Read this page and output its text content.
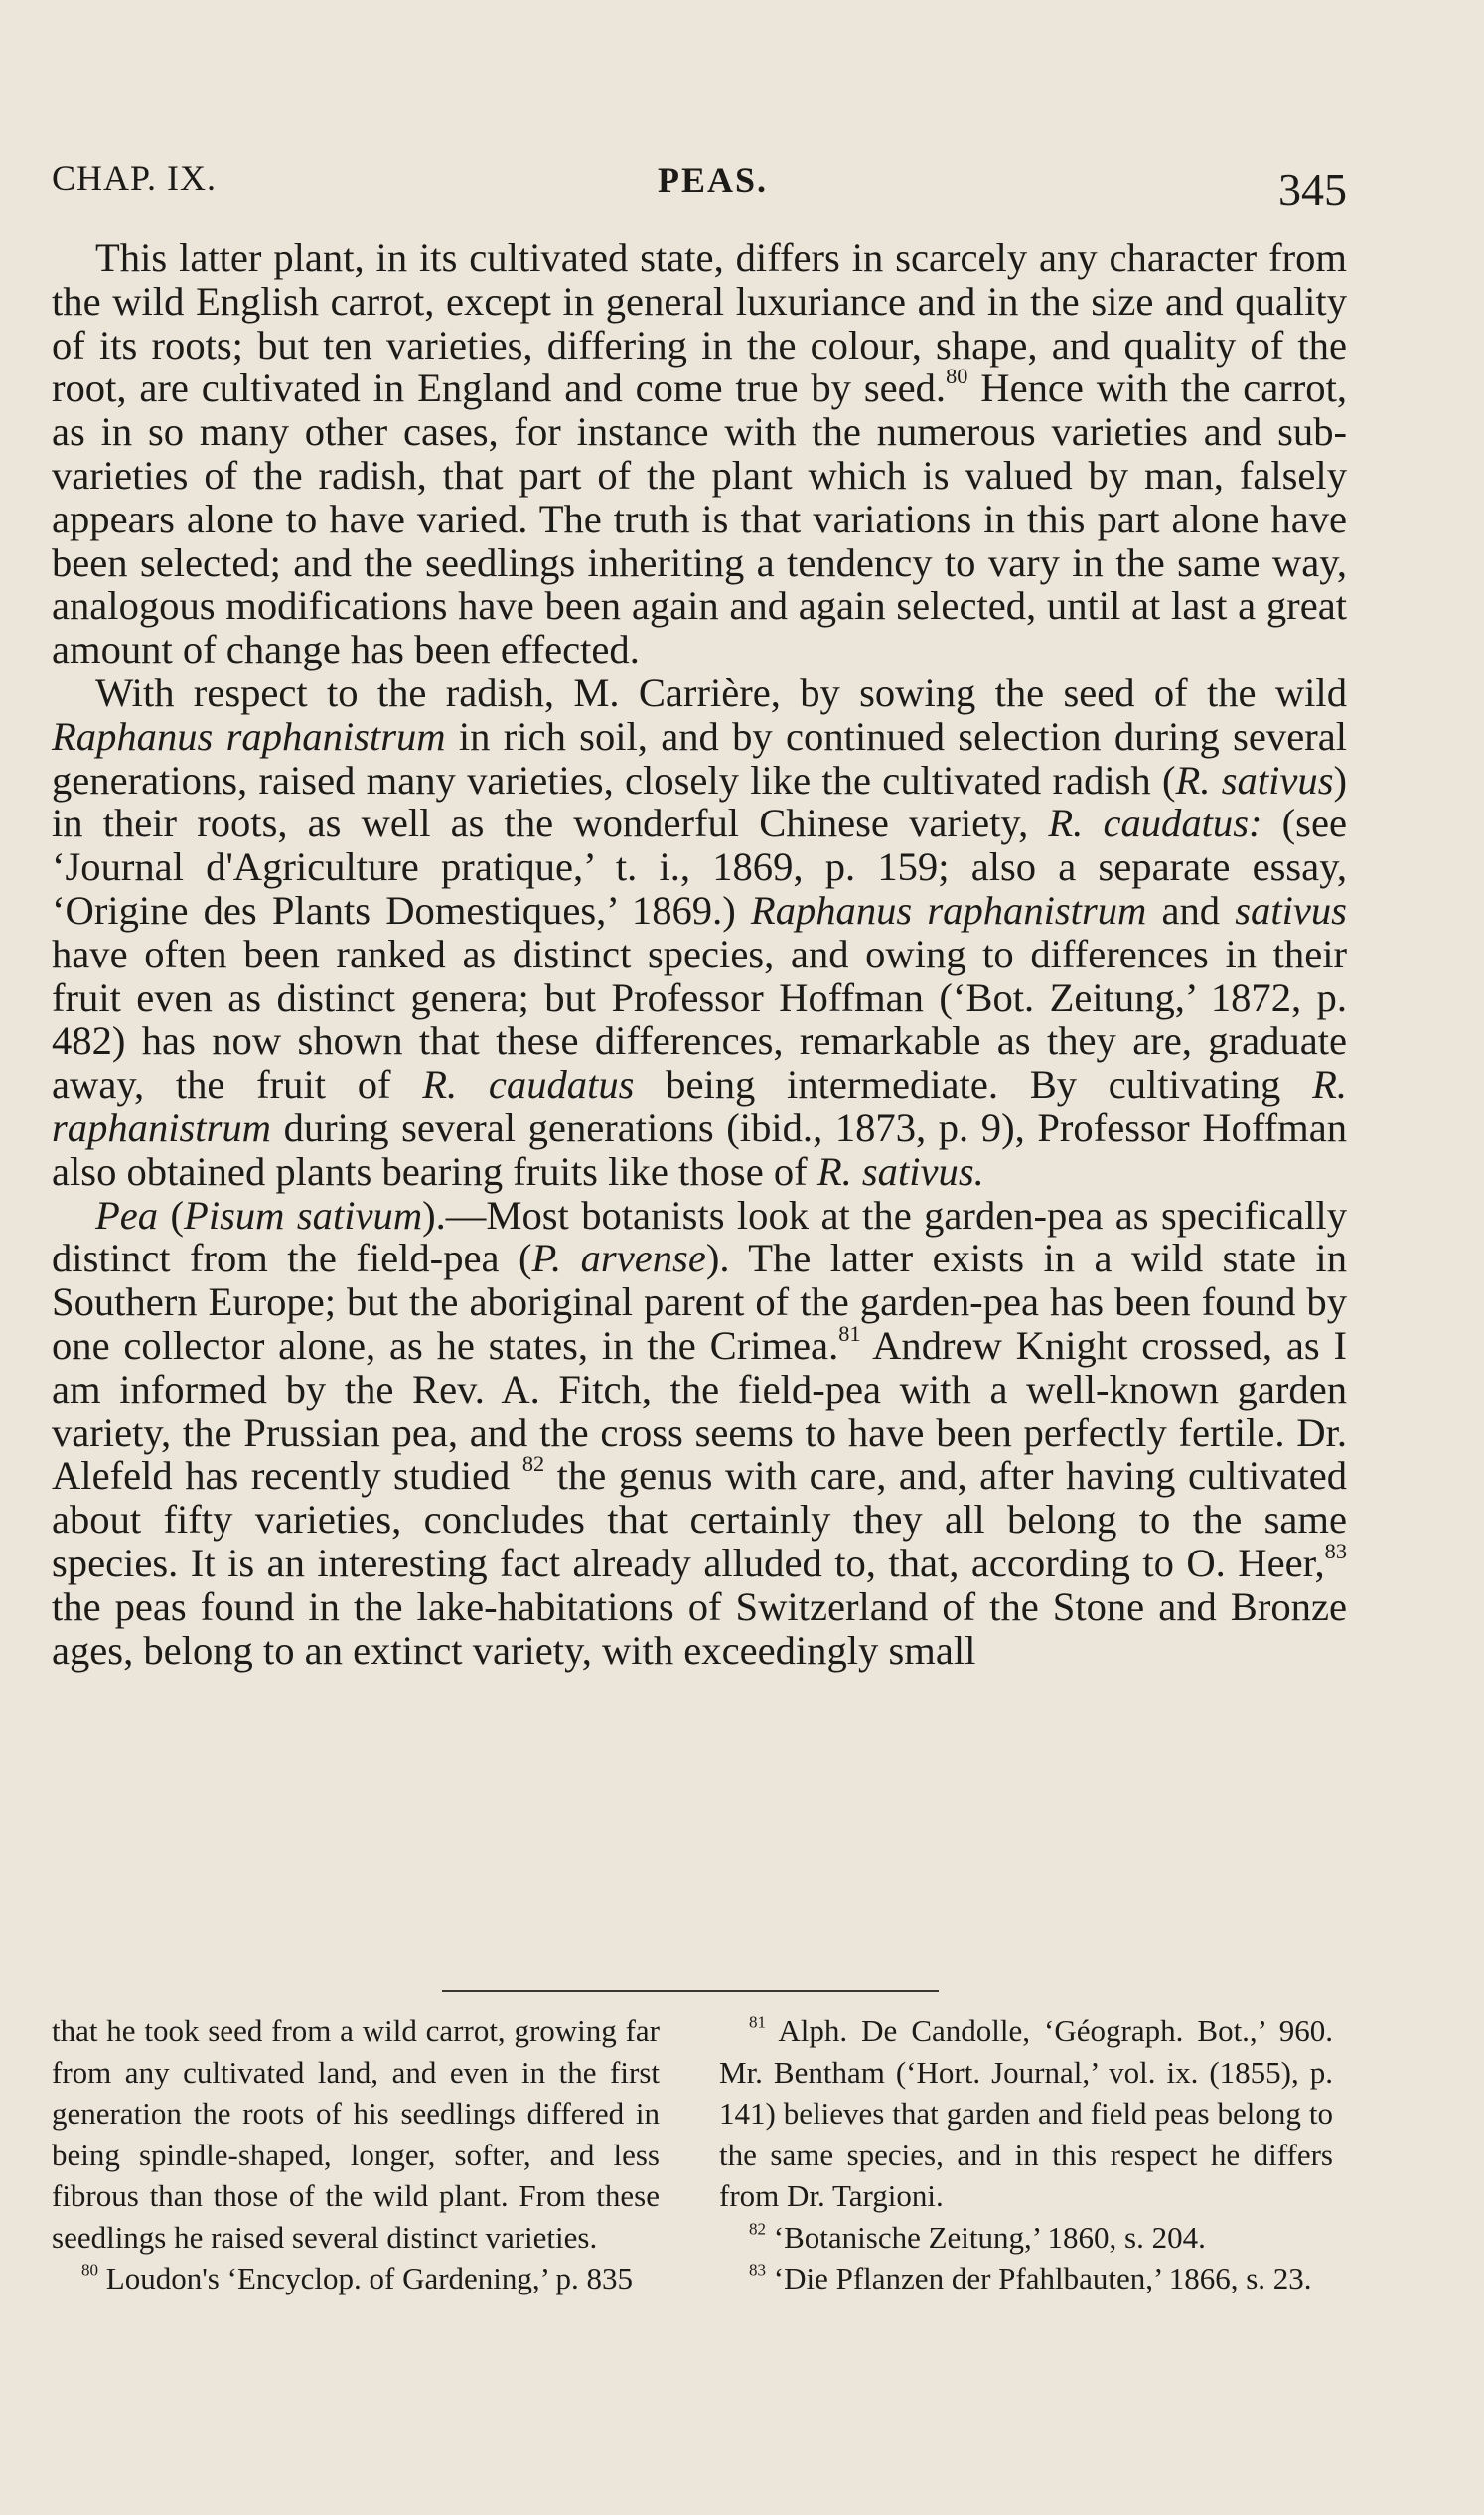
CHAP. IX.	PEAS.	345

This latter plant, in its cultivated state, differs in scarcely any character from the wild English carrot, except in general luxuriance and in the size and quality of its roots; but ten varieties, differing in the colour, shape, and quality of the root, are cultivated in England and come true by seed.$^{80}$ Hence with the carrot, as in so many other cases, for instance with the numerous varieties and sub-varieties of the radish, that part of the plant which is valued by man, falsely appears alone to have varied. The truth is that variations in this part alone have been selected; and the seedlings inheriting a tendency to vary in the same way, analogous modifications have been again and again selected, until at last a great amount of change has been effected.

With respect to the radish, M. Carrière, by sowing the seed of the wild Raphanus raphanistrum in rich soil, and by continued selection during several generations, raised many varieties, closely like the cultivated radish (R. sativus) in their roots, as well as the wonderful Chinese variety, R. caudatus: (see ‘Journal d'Agriculture pratique,’ t. i., 1869, p. 159; also a separate essay, ‘Origine des Plants Domestiques,’ 1869.) Raphanus raphanistrum and sativus have often been ranked as distinct species, and owing to differences in their fruit even as distinct genera; but Professor Hoffman (‘Bot. Zeitung,’ 1872, p. 482) has now shown that these differences, remarkable as they are, graduate away, the fruit of R. caudatus being intermediate. By cultivating R. raphanistrum during several generations (ibid., 1873, p. 9), Professor Hoffman also obtained plants bearing fruits like those of R. sativus.

Pea (Pisum sativum).—Most botanists look at the garden-pea as specifically distinct from the field-pea (P. arvense). The latter exists in a wild state in Southern Europe; but the aboriginal parent of the garden-pea has been found by one collector alone, as he states, in the Crimea.$^{81}$ Andrew Knight crossed, as I am informed by the Rev. A. Fitch, the field-pea with a well-known garden variety, the Prussian pea, and the cross seems to have been perfectly fertile. Dr. Alefeld has recently studied $^{82}$ the genus with care, and, after having cultivated about fifty varieties, concludes that certainly they all belong to the same species. It is an interesting fact already alluded to, that, according to O. Heer,$^{83}$ the peas found in the lake-habitations of Switzerland of the Stone and Bronze ages, belong to an extinct variety, with exceedingly small

that he took seed from a wild carrot, growing far from any cultivated land, and even in the first generation the roots of his seedlings differed in being spindle-shaped, longer, softer, and less fibrous than those of the wild plant. From these seedlings he raised several distinct varieties.

$^{80}$ Loudon's ‘Encyclop. of Gardening,’ p. 835

$^{81}$ Alph. De Candolle, ‘Géograph. Bot.,’ 960. Mr. Bentham (‘Hort. Journal,’ vol. ix. (1855), p. 141) believes that garden and field peas belong to the same species, and in this respect he differs from Dr. Targioni.

$^{82}$ ‘Botanische Zeitung,’ 1860, s. 204.

$^{83}$ ‘Die Pflanzen der Pfahlbauten,’ 1866, s. 23.
